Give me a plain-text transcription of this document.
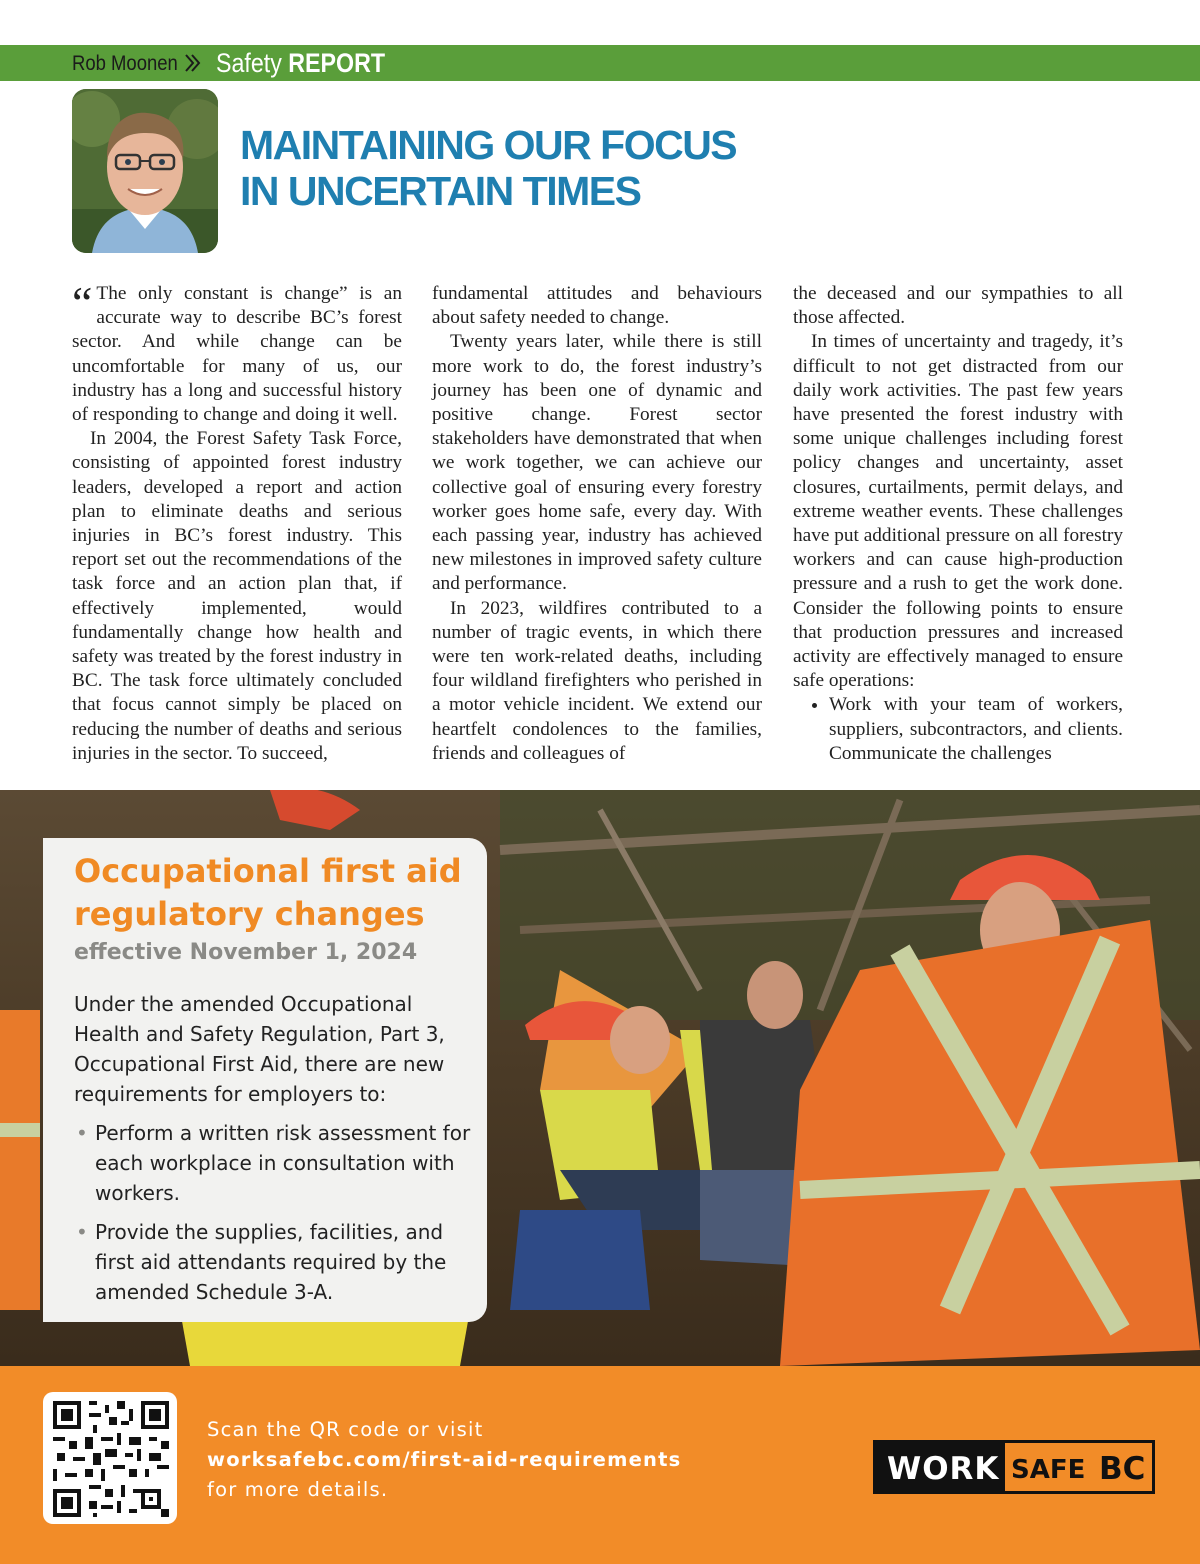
Rob Moonen Safety REPORT
MAINTAINING OUR FOCUS
IN UNCERTAIN TIMES

“ The only constant is change” is an accurate way to describe BC’s forest sector. And while change can be uncomfortable for many of us, our industry has a long and successful history of responding to change and doing it well.

In 2004, the Forest Safety Task Force, consisting of appointed forest industry leaders, developed a report and action plan to eliminate deaths and serious injuries in BC’s forest industry. This report set out the recommendations of the task force and an action plan that, if effectively implemented, would fundamentally change how health and safety was treated by the forest industry in BC. The task force ultimately concluded that focus cannot simply be placed on reducing the number of deaths and serious injuries in the sector. To succeed,

fundamental attitudes and behaviours about safety needed to change.

Twenty years later, while there is still more work to do, the forest industry’s journey has been one of dynamic and positive change. Forest sector stakeholders have demonstrated that when we work together, we can achieve our collective goal of ensuring every forestry worker goes home safe, every day. With each passing year, industry has achieved new milestones in improved safety culture and performance.

In 2023, wildfires contributed to a number of tragic events, in which there were ten work-related deaths, including four wildland firefighters who perished in a motor vehicle incident. We extend our heartfelt condolences to the families, friends and colleagues of

the deceased and our sympathies to all those affected.

In times of uncertainty and tragedy, it’s difficult to not get distracted from our daily work activities. The past few years have presented the forest industry with some unique challenges including forest policy changes and uncertainty, asset closures, curtailments, permit delays, and extreme weather events. These challenges have put additional pressure on all forestry workers and can cause high-production pressure and a rush to get the work done. Consider the following points to ensure that production pressures and increased activity are effectively managed to ensure safe operations:

• Work with your team of workers, suppliers, subcontractors, and clients. Communicate the challenges
Occupational first aid
regulatory changes
effective November 1, 2024
Under the amended Occupational Health and Safety Regulation, Part 3, Occupational First Aid, there are new requirements for employers to:
• Perform a written risk assessment for each workplace in consultation with workers.
• Provide the supplies, facilities, and first aid attendants required by the amended Schedule 3-A.
Scan the QR code or visit
worksafebc.com/first-aid-requirements
for more details.
WORK SAFE BC
